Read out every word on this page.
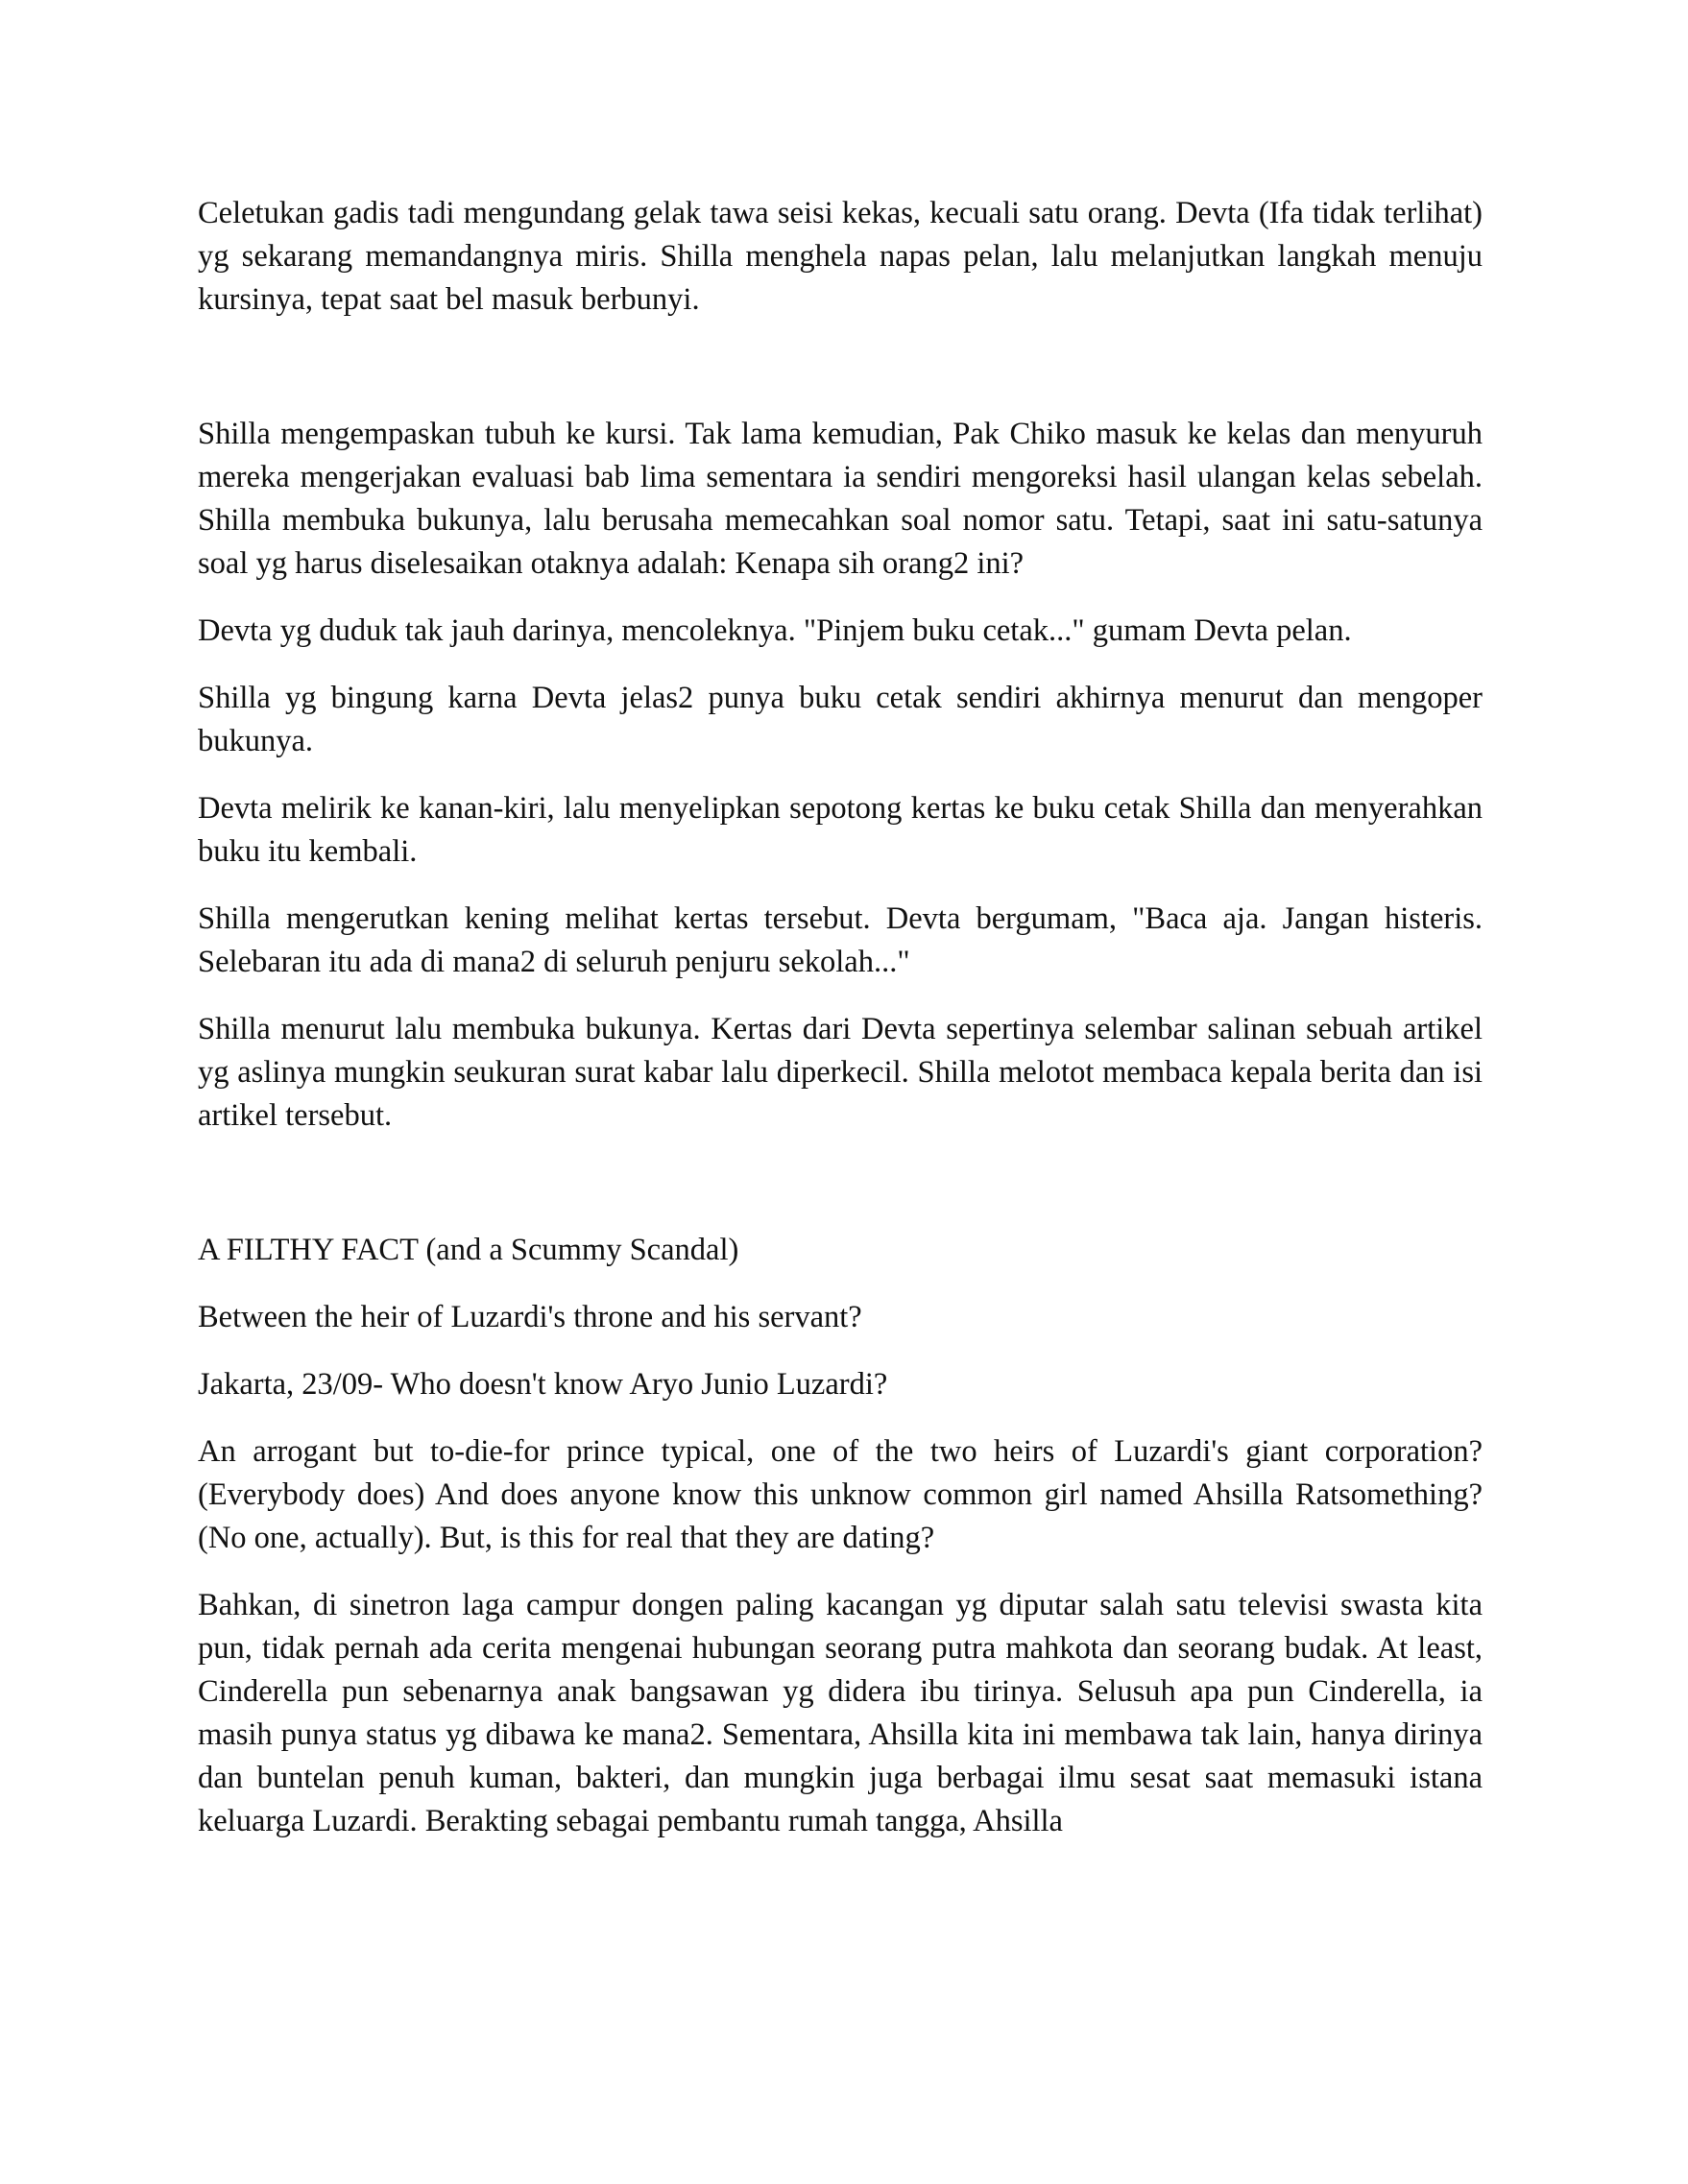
Celetukan gadis tadi mengundang gelak tawa seisi kekas, kecuali satu orang. Devta (Ifa tidak terlihat) yg sekarang memandangnya miris. Shilla menghela napas pelan, lalu melanjutkan langkah menuju kursinya, tepat saat bel masuk berbunyi.

Shilla mengempaskan tubuh ke kursi. Tak lama kemudian, Pak Chiko masuk ke kelas dan menyuruh mereka mengerjakan evaluasi bab lima sementara ia sendiri mengoreksi hasil ulangan kelas sebelah. Shilla membuka bukunya, lalu berusaha memecahkan soal nomor satu. Tetapi, saat ini satu-satunya soal yg harus diselesaikan otaknya adalah: Kenapa sih orang2 ini?

Devta yg duduk tak jauh darinya, mencoleknya. "Pinjem buku cetak..." gumam Devta pelan.

Shilla yg bingung karna Devta jelas2 punya buku cetak sendiri akhirnya menurut dan mengoper bukunya.

Devta melirik ke kanan-kiri, lalu menyelipkan sepotong kertas ke buku cetak Shilla dan menyerahkan buku itu kembali.

Shilla mengerutkan kening melihat kertas tersebut. Devta bergumam, "Baca aja. Jangan histeris. Selebaran itu ada di mana2 di seluruh penjuru sekolah..."

Shilla menurut lalu membuka bukunya. Kertas dari Devta sepertinya selembar salinan sebuah artikel yg aslinya mungkin seukuran surat kabar lalu diperkecil. Shilla melotot membaca kepala berita dan isi artikel tersebut.

A FILTHY FACT (and a Scummy Scandal)

Between the heir of Luzardi's throne and his servant?

Jakarta, 23/09- Who doesn't know Aryo Junio Luzardi?

An arrogant but to-die-for prince typical, one of the two heirs of Luzardi's giant corporation? (Everybody does) And does anyone know this unknow common girl named Ahsilla Ratsomething? (No one, actually). But, is this for real that they are dating?

Bahkan, di sinetron laga campur dongen paling kacangan yg diputar salah satu televisi swasta kita pun, tidak pernah ada cerita mengenai hubungan seorang putra mahkota dan seorang budak. At least, Cinderella pun sebenarnya anak bangsawan yg didera ibu tirinya. Selusuh apa pun Cinderella, ia masih punya status yg dibawa ke mana2. Sementara, Ahsilla kita ini membawa tak lain, hanya dirinya dan buntelan penuh kuman, bakteri, dan mungkin juga berbagai ilmu sesat saat memasuki istana keluarga Luzardi. Berakting sebagai pembantu rumah tangga, Ahsilla
